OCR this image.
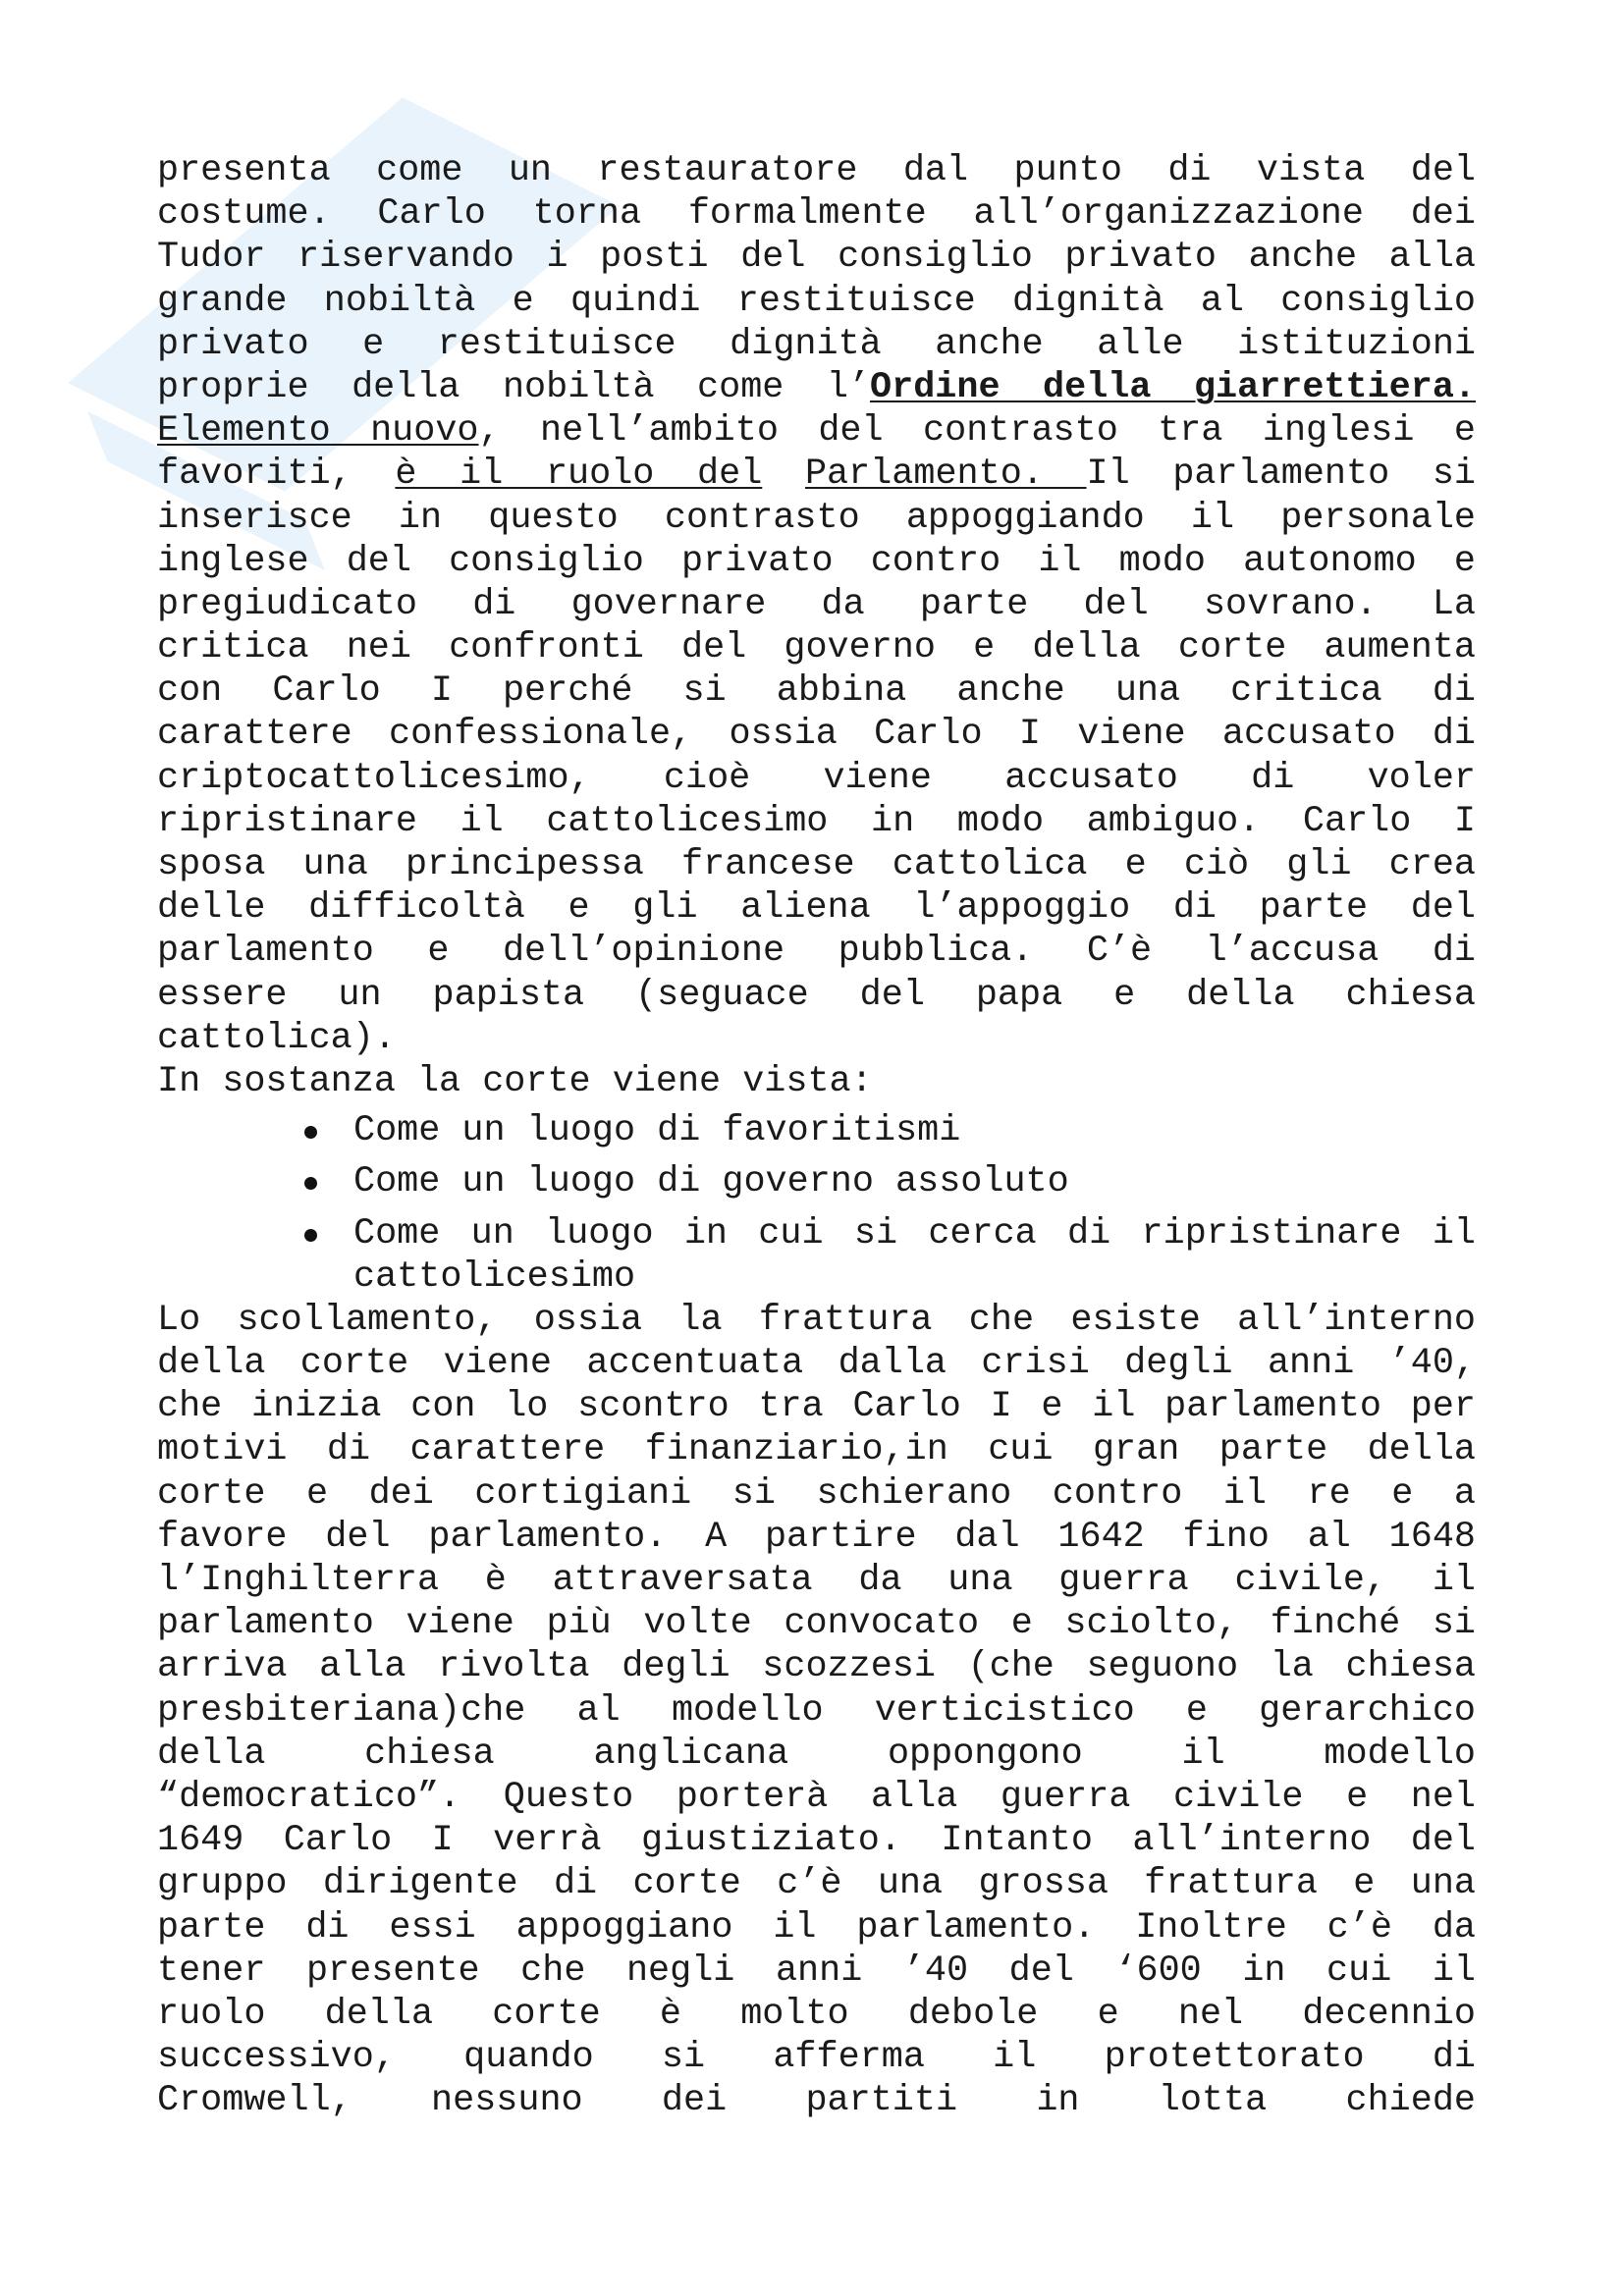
presenta come un restauratore dal punto di vista del
costume. Carlo torna formalmente all’organizzazione dei
Tudor riservando i posti del consiglio privato anche alla
grande nobiltà e quindi restituisce dignità al consiglio
privato e restituisce dignità anche alle istituzioni
proprie della nobiltà come l’Ordine della giarrettiera.
Elemento nuovo, nell’ambito del contrasto tra inglesi e
favoriti, è il ruolo del Parlamento. Il parlamento si
inserisce in questo contrasto appoggiando il personale
inglese del consiglio privato contro il modo autonomo e
pregiudicato di governare da parte del sovrano. La
critica nei confronti del governo e della corte aumenta
con Carlo I perché si abbina anche una critica di
carattere confessionale, ossia Carlo I viene accusato di
criptocattolicesimo, cioè viene accusato di voler
ripristinare il cattolicesimo in modo ambiguo. Carlo I
sposa una principessa francese cattolica e ciò gli crea
delle difficoltà e gli aliena l’appoggio di parte del
parlamento e dell’opinione pubblica. C’è l’accusa di
essere un papista (seguace del papa e della chiesa
cattolica).
In sostanza la corte viene vista:
Come un luogo di favoritismi
Come un luogo di governo assoluto
Come un luogo in cui si cerca di ripristinare il
cattolicesimo
Lo scollamento, ossia la frattura che esiste all’interno
della corte viene accentuata dalla crisi degli anni ’40,
che inizia con lo scontro tra Carlo I e il parlamento per
motivi di carattere finanziario,in cui gran parte della
corte e dei cortigiani si schierano contro il re e a
favore del parlamento. A partire dal 1642 fino al 1648
l’Inghilterra è attraversata da una guerra civile, il
parlamento viene più volte convocato e sciolto, finché si
arriva alla rivolta degli scozzesi (che seguono la chiesa
presbiteriana)che al modello verticistico e gerarchico
della chiesa anglicana oppongono il modello
“democratico”. Questo porterà alla guerra civile e nel
1649 Carlo I verrà giustiziato. Intanto all’interno del
gruppo dirigente di corte c’è una grossa frattura e una
parte di essi appoggiano il parlamento. Inoltre c’è da
tener presente che negli anni ’40 del ‘600 in cui il
ruolo della corte è molto debole e nel decennio
successivo, quando si afferma il protettorato di
Cromwell, nessuno dei partiti in lotta chiede
